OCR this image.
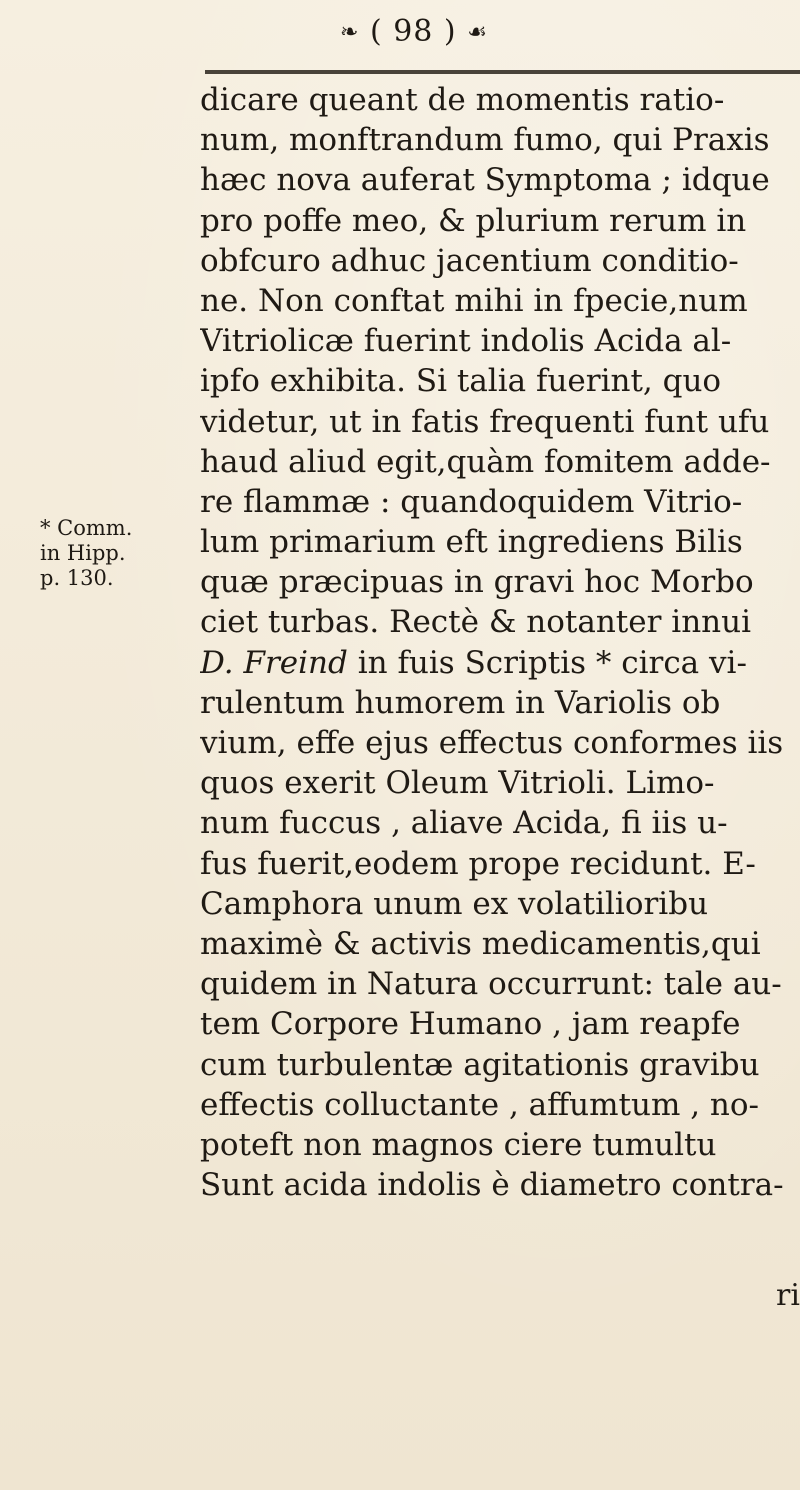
❧ ( 98 ) ☙
* Comm.
in Hipp.
p. 130.
dicare queant de momentis ratio-
num, monftrandum fumo, qui Praxis
hæc nova auferat Symptoma ; idque
pro poffe meo, & plurium rerum in
obfcuro adhuc jacentium conditio-
ne. Non conftat mihi in fpecie,num
Vitriolicæ fuerint indolis Acida al-
ipfo exhibita. Si talia fuerint, quo
videtur, ut in fatis frequenti funt ufu
haud aliud egit,quàm fomitem adde-
re flammæ : quandoquidem Vitrio-
lum primarium eft ingrediens Bilis
quæ præcipuas in gravi hoc Morbo
ciet turbas. Rectè & notanter innui
D. Freind in fuis Scriptis * circa vi-
rulentum humorem in Variolis ob
vium, effe ejus effectus conformes iis
quos exerit Oleum Vitrioli. Limo-
num fuccus , aliave Acida, fi iis u-
fus fuerit,eodem prope recidunt. E-
Camphora unum ex volatilioribu
maximè & activis medicamentis,qui
quidem in Natura occurrunt: tale au-
tem Corpore Humano , jam reapfe
cum turbulentæ agitationis gravibu
effectis colluctante , affumtum , no-
poteft non magnos ciere tumultu
Sunt acida indolis è diametro contra-
ri
